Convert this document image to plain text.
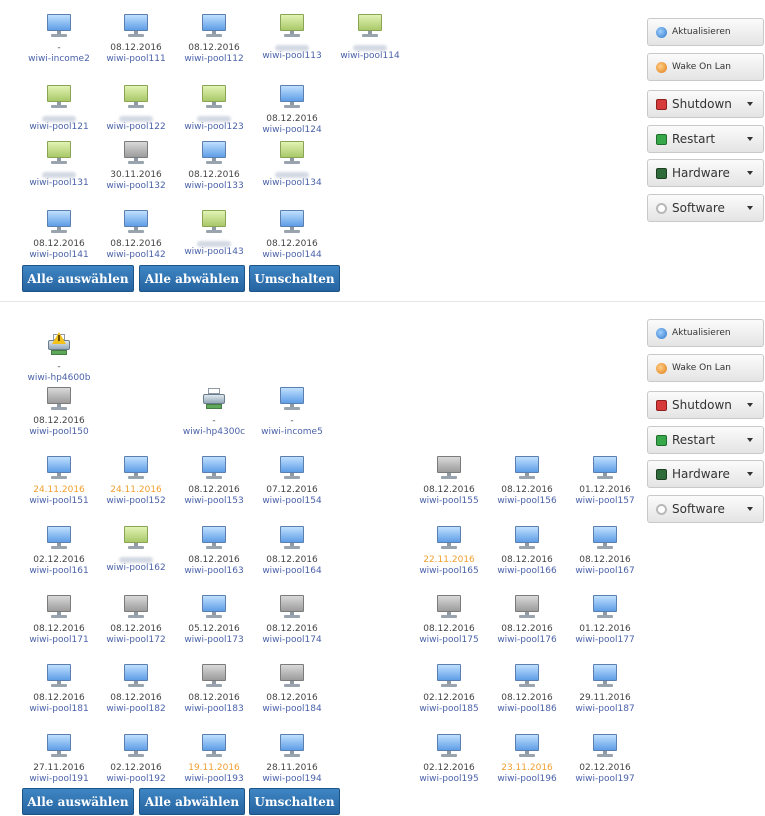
-
wiwi-income2
08.12.2016
wiwi-pool111
08.12.2016
wiwi-pool112	wiwi-pool113	wiwi-pool114
wiwi-pool121	wiwi-pool122	wiwi-pool123
08.12.2016
wiwi-pool124
wiwi-pool131
30.11.2016
wiwi-pool132
08.12.2016
wiwi-pool133	wiwi-pool134
08.12.2016
wiwi-pool141
08.12.2016
wiwi-pool142	wiwi-pool143
08.12.2016
wiwi-pool144
-
wiwi-hp4600b
08.12.2016
wiwi-pool150
-
wiwi-hp4300c
-
wiwi-income5
24.11.2016
wiwi-pool151
24.11.2016
wiwi-pool152
08.12.2016
wiwi-pool153
07.12.2016
wiwi-pool154
08.12.2016
wiwi-pool155
08.12.2016
wiwi-pool156
01.12.2016
wiwi-pool157
02.12.2016
wiwi-pool161	wiwi-pool162
08.12.2016
wiwi-pool163
08.12.2016
wiwi-pool164
22.11.2016
wiwi-pool165
08.12.2016
wiwi-pool166
08.12.2016
wiwi-pool167
08.12.2016
wiwi-pool171
08.12.2016
wiwi-pool172
05.12.2016
wiwi-pool173
08.12.2016
wiwi-pool174
08.12.2016
wiwi-pool175
08.12.2016
wiwi-pool176
01.12.2016
wiwi-pool177
08.12.2016
wiwi-pool181
08.12.2016
wiwi-pool182
08.12.2016
wiwi-pool183
08.12.2016
wiwi-pool184
02.12.2016
wiwi-pool185
08.12.2016
wiwi-pool186
29.11.2016
wiwi-pool187
27.11.2016
wiwi-pool191
02.12.2016
wiwi-pool192
19.11.2016
wiwi-pool193
28.11.2016
wiwi-pool194
02.12.2016
wiwi-pool195
23.11.2016
wiwi-pool196
02.12.2016
wiwi-pool197
Alle auswählen	Alle abwählen	Umschalten
Alle auswählen	Alle abwählen	Umschalten
Aktualisieren
Wake On Lan
Shutdown
Restart
Hardware
Software
Aktualisieren
Wake On Lan
Shutdown
Restart
Hardware
Software
